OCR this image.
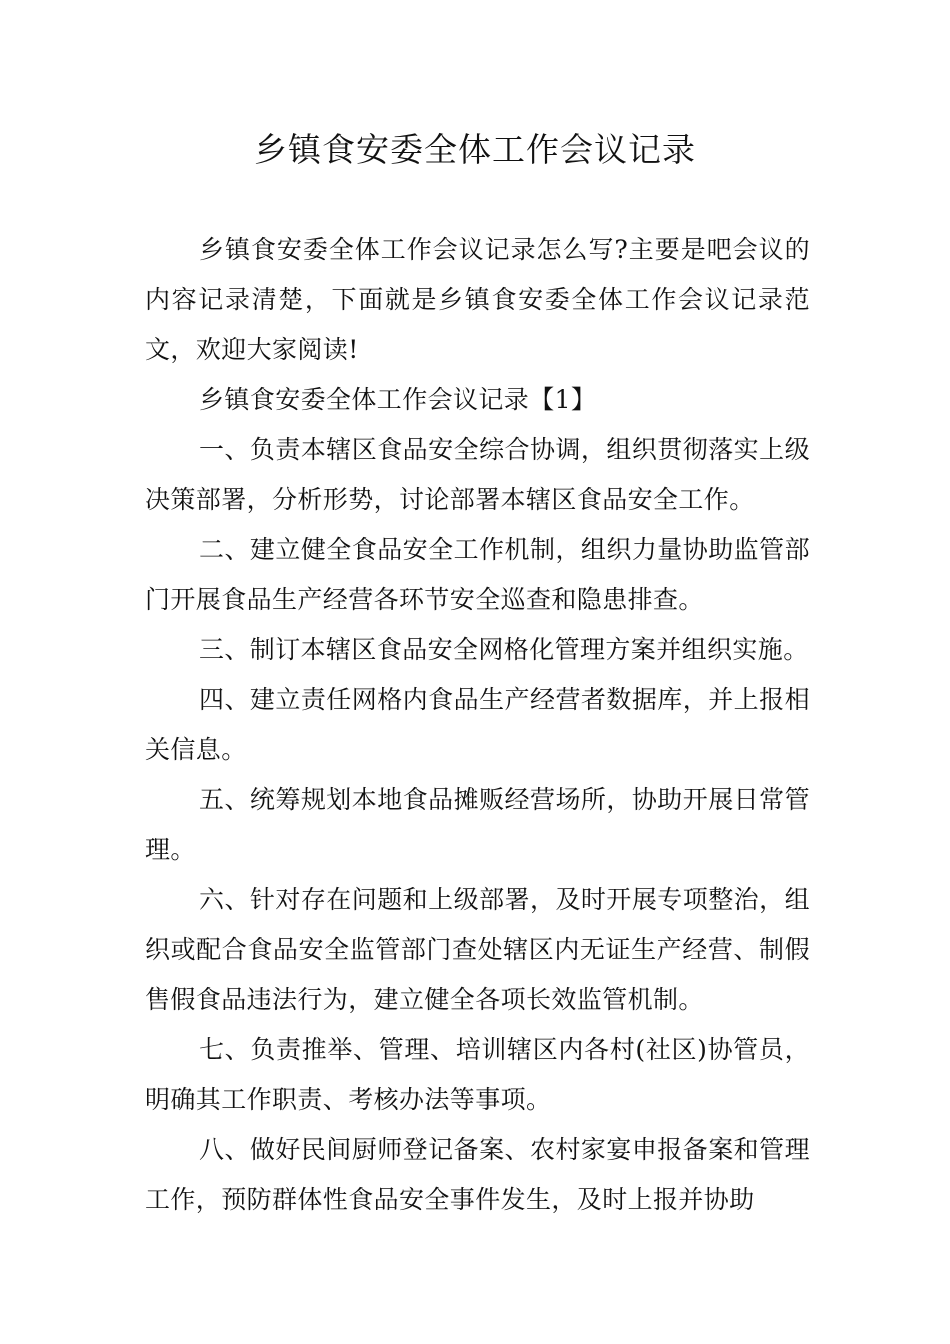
乡镇食安委全体工作会议记录

乡镇食安委全体工作会议记录怎么写?主要是吧会议的内容记录清楚，下面就是乡镇食安委全体工作会议记录范文，欢迎大家阅读!

乡镇食安委全体工作会议记录【1】

一、负责本辖区食品安全综合协调，组织贯彻落实上级决策部署，分析形势，讨论部署本辖区食品安全工作。

二、建立健全食品安全工作机制，组织力量协助监管部门开展食品生产经营各环节安全巡查和隐患排查。

三、制订本辖区食品安全网格化管理方案并组织实施。

四、建立责任网格内食品生产经营者数据库，并上报相关信息。

五、统筹规划本地食品摊贩经营场所，协助开展日常管理。

六、针对存在问题和上级部署，及时开展专项整治，组织或配合食品安全监管部门查处辖区内无证生产经营、制假售假食品违法行为，建立健全各项长效监管机制。

七、负责推举、管理、培训辖区内各村(社区)协管员，明确其工作职责、考核办法等事项。

八、做好民间厨师登记备案、农村家宴申报备案和管理工作，预防群体性食品安全事件发生，及时上报并协助
